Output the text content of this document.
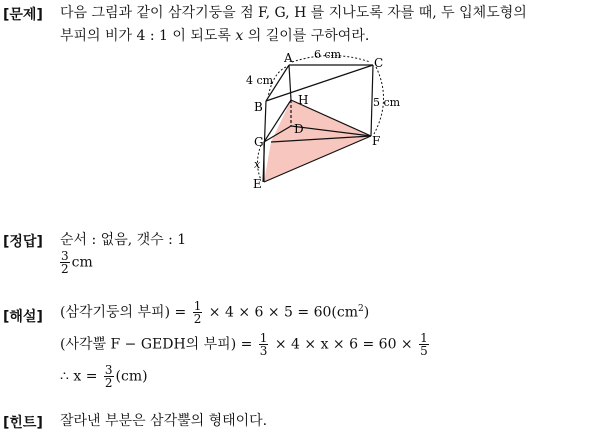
[문제] 다음 그림과 같이 삼각기둥을 점 F, G, H 를 지나도록 자를 때, 두 입체도형의
부피의 비가 4 : 1 이 되도록 x 의 길이를 구하여라.
A	C
B	H
D
G	F
E
6 cm
4 cm
5 cm
x
[정답] 순서 : 없음, 갯수 : 1
$\frac{3}{2}$ cm
[해설] (삼각기둥의 부피) = $\frac{1}{2} \times 4 \times 6 \times 5 = 60(cm^2)$
(사각뿔 F − GEDH의 부피) = $\frac{1}{3} \times 4 \times x \times 6 = 60 \times \frac{1}{5}$
∴ $x = \frac{3}{2} (cm)$
[힌트] 잘라낸 부분은 삼각뿔의 형태이다.
